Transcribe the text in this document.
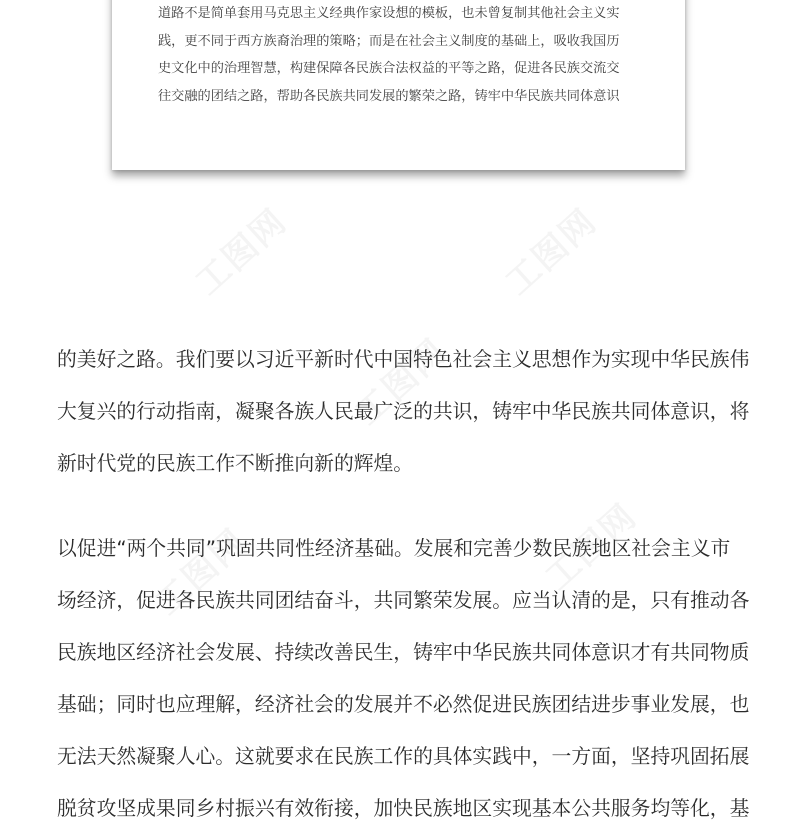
工图网	工图网
工图网
工图网	工图网
道路不是简单套用马克思主义经典作家设想的模板，也未曾复制其他社会主义实
践，更不同于西方族裔治理的策略；而是在社会主义制度的基础上，吸收我国历
史文化中的治理智慧，构建保障各民族合法权益的平等之路，促进各民族交流交
往交融的团结之路，帮助各民族共同发展的繁荣之路，铸牢中华民族共同体意识
的美好之路。我们要以习近平新时代中国特色社会主义思想作为实现中华民族伟
大复兴的行动指南，凝聚各族人民最广泛的共识，铸牢中华民族共同体意识，将
新时代党的民族工作不断推向新的辉煌。
以促进“两个共同”巩固共同性经济基础。发展和完善少数民族地区社会主义市
场经济，促进各民族共同团结奋斗，共同繁荣发展。应当认清的是，只有推动各
民族地区经济社会发展、持续改善民生，铸牢中华民族共同体意识才有共同物质
基础；同时也应理解，经济社会的发展并不必然促进民族团结进步事业发展，也
无法天然凝聚人心。这就要求在民族工作的具体实践中，一方面，坚持巩固拓展
脱贫攻坚成果同乡村振兴有效衔接，加快民族地区实现基本公共服务均等化，基
